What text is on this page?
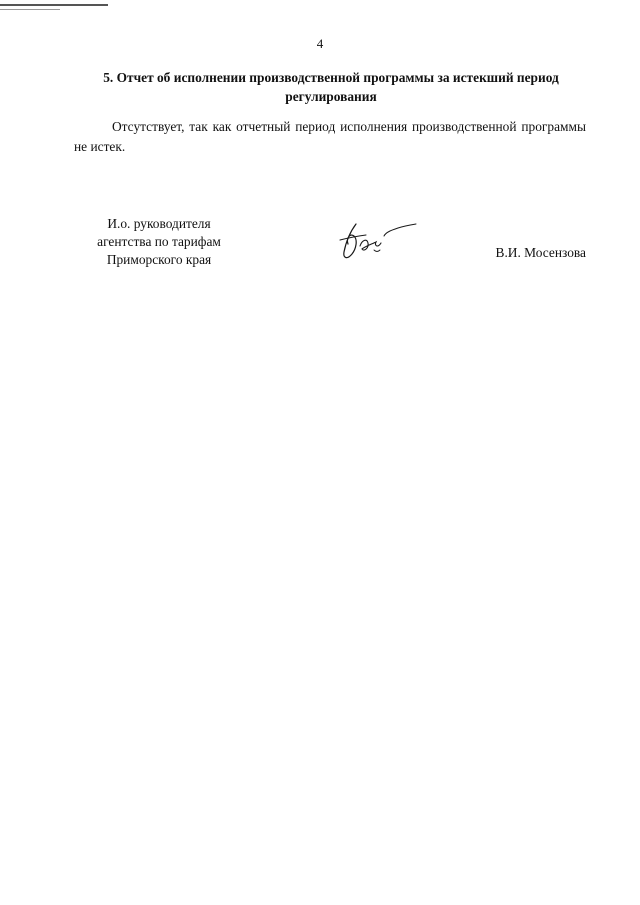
4
5. Отчет об исполнении производственной программы за истекший период
регулирования
Отсутствует, так как отчетный период исполнения производственной программы не истек.
И.о. руководителя
агентства по тарифам
Приморского края	В.И. Мосензова
